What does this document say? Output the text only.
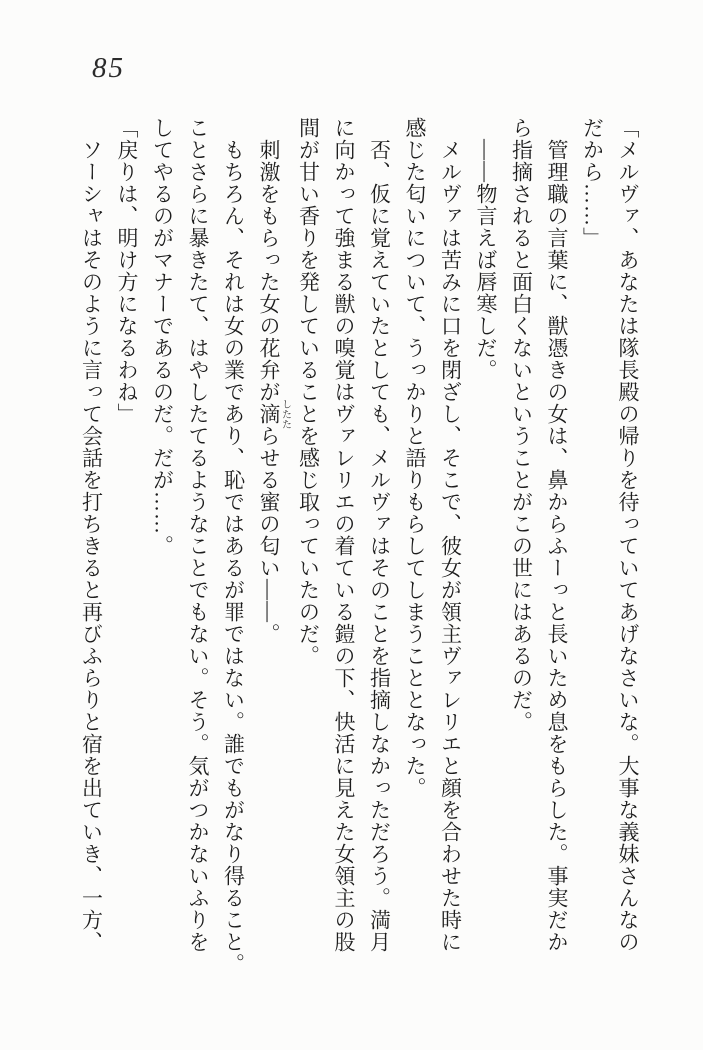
85
「メルヴァ、あなたは隊長殿の帰りを待っていてあげなさいな。大事な義妹さんなの
だから……」
管理職の言葉に、獣憑きの女は、鼻からふーっと長いため息をもらした。事実だか
ら指摘されると面白くないということがこの世にはあるのだ。
――物言えば唇寒しだ。
メルヴァは苦みに口を閉ざし、そこで、彼女が領主ヴァレリエと顔を合わせた時に
感じた匂いについて、うっかりと語りもらしてしまうこととなった。
否、仮に覚えていたとしても、メルヴァはそのことを指摘しなかっただろう。満月
に向かって強まる獣の嗅覚はヴァレリエの着ている鎧の下、快活に見えた女領主の股
間が甘い香りを発していることを感じ取っていたのだ。
刺激をもらった女の花弁が滴したたらせる蜜の匂い――。
もちろん、それは女の業であり、恥ではあるが罪ではない。誰でもがなり得ること。
ことさらに暴きたて、はやしたてるようなことでもない。そう。気がつかないふりを
してやるのがマナーであるのだ。だが……。
「戻りは、明け方になるわね」
ソーシャはそのように言って会話を打ちきると再びふらりと宿を出ていき、一方、
